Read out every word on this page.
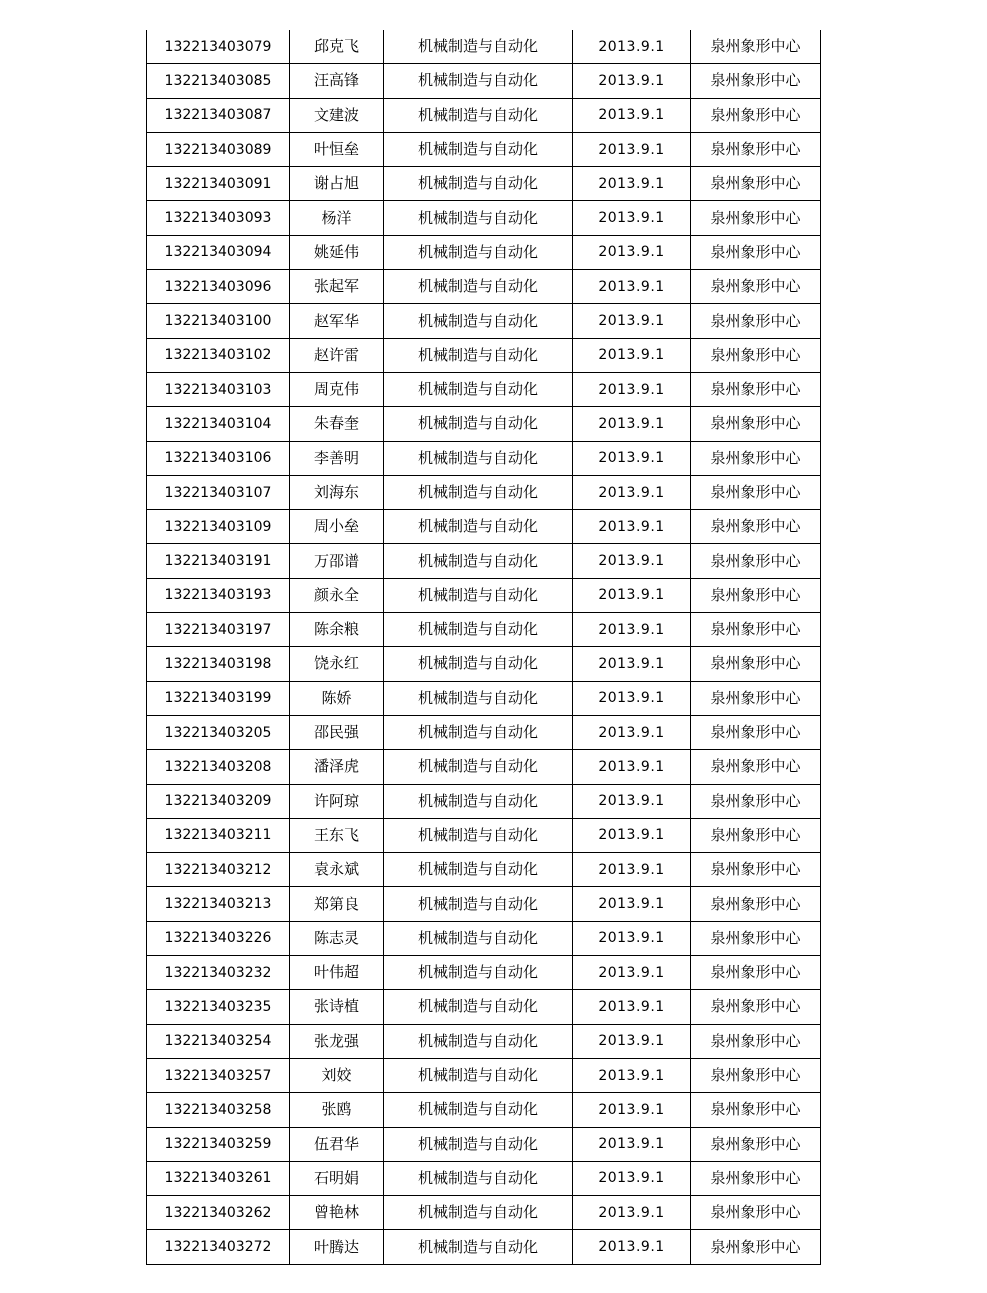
132213403079	邱克飞	机械制造与自动化	2013.9.1	泉州象形中心
132213403085	汪高锋	机械制造与自动化	2013.9.1	泉州象形中心
132213403087	文建波	机械制造与自动化	2013.9.1	泉州象形中心
132213403089	叶恒垒	机械制造与自动化	2013.9.1	泉州象形中心
132213403091	谢占旭	机械制造与自动化	2013.9.1	泉州象形中心
132213403093	杨洋	机械制造与自动化	2013.9.1	泉州象形中心
132213403094	姚延伟	机械制造与自动化	2013.9.1	泉州象形中心
132213403096	张起军	机械制造与自动化	2013.9.1	泉州象形中心
132213403100	赵军华	机械制造与自动化	2013.9.1	泉州象形中心
132213403102	赵许雷	机械制造与自动化	2013.9.1	泉州象形中心
132213403103	周克伟	机械制造与自动化	2013.9.1	泉州象形中心
132213403104	朱春奎	机械制造与自动化	2013.9.1	泉州象形中心
132213403106	李善明	机械制造与自动化	2013.9.1	泉州象形中心
132213403107	刘海东	机械制造与自动化	2013.9.1	泉州象形中心
132213403109	周小垒	机械制造与自动化	2013.9.1	泉州象形中心
132213403191	万邵谱	机械制造与自动化	2013.9.1	泉州象形中心
132213403193	颜永全	机械制造与自动化	2013.9.1	泉州象形中心
132213403197	陈余粮	机械制造与自动化	2013.9.1	泉州象形中心
132213403198	饶永红	机械制造与自动化	2013.9.1	泉州象形中心
132213403199	陈娇	机械制造与自动化	2013.9.1	泉州象形中心
132213403205	邵民强	机械制造与自动化	2013.9.1	泉州象形中心
132213403208	潘泽虎	机械制造与自动化	2013.9.1	泉州象形中心
132213403209	许阿琼	机械制造与自动化	2013.9.1	泉州象形中心
132213403211	王东飞	机械制造与自动化	2013.9.1	泉州象形中心
132213403212	袁永斌	机械制造与自动化	2013.9.1	泉州象形中心
132213403213	郑第良	机械制造与自动化	2013.9.1	泉州象形中心
132213403226	陈志灵	机械制造与自动化	2013.9.1	泉州象形中心
132213403232	叶伟超	机械制造与自动化	2013.9.1	泉州象形中心
132213403235	张诗植	机械制造与自动化	2013.9.1	泉州象形中心
132213403254	张龙强	机械制造与自动化	2013.9.1	泉州象形中心
132213403257	刘姣	机械制造与自动化	2013.9.1	泉州象形中心
132213403258	张鸥	机械制造与自动化	2013.9.1	泉州象形中心
132213403259	伍君华	机械制造与自动化	2013.9.1	泉州象形中心
132213403261	石明娟	机械制造与自动化	2013.9.1	泉州象形中心
132213403262	曾艳林	机械制造与自动化	2013.9.1	泉州象形中心
132213403272	叶腾达	机械制造与自动化	2013.9.1	泉州象形中心
